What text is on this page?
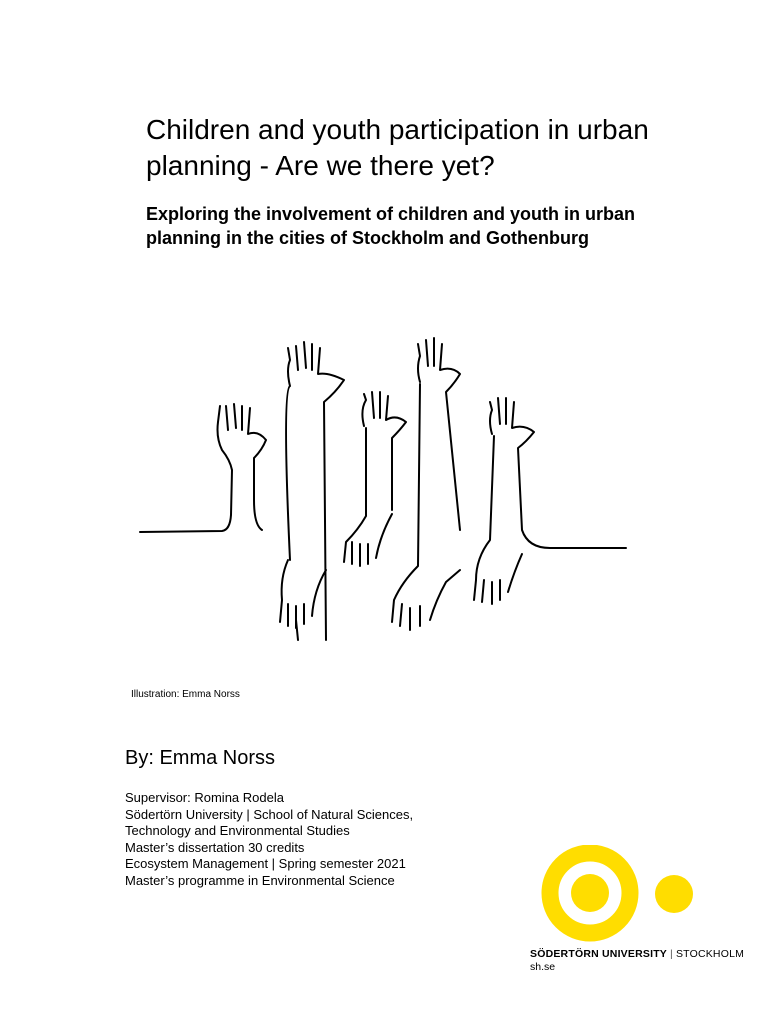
Children and youth participation in urban planning - Are we there yet?
Exploring the involvement of children and youth in urban planning in the cities of Stockholm and Gothenburg
Illustration: Emma Norss
By: Emma Norss
Supervisor: Romina Rodela
Södertörn University | School of Natural Sciences,
Technology and Environmental Studies
Master’s dissertation 30 credits
Ecosystem Management | Spring semester 2021
Master’s programme in Environmental Science
SÖDERTÖRN UNIVERSITY | STOCKHOLM
sh.se
